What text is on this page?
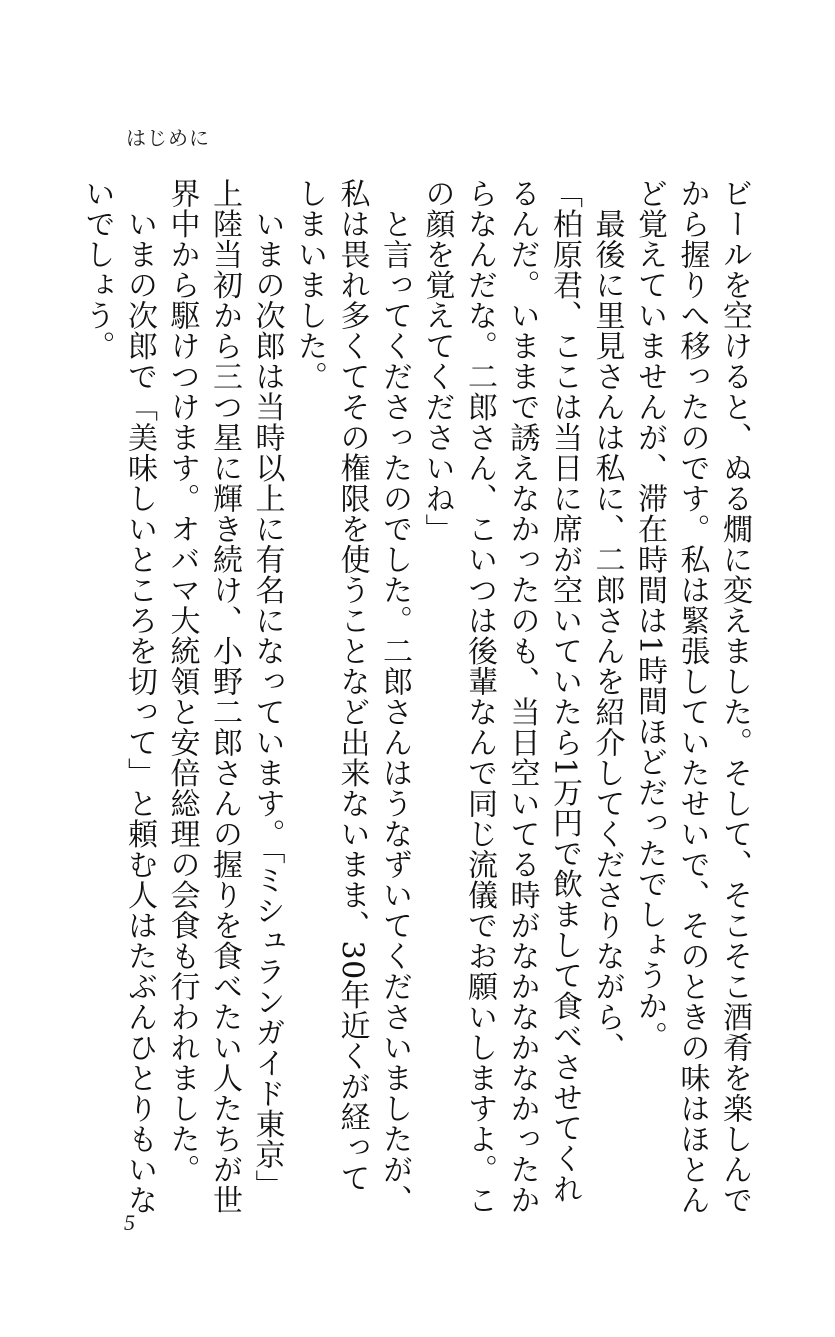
はじめに

ビールを空けると、ぬる燗に変えました。そして、そこそこ酒肴を楽しんでから握りへ移ったのです。私は緊張していたせいで、そのときの味はほとんど覚えていませんが、滞在時間は1時間ほどだったでしょうか。

　最後に里見さんは私に、二郎さんを紹介してくださりながら、

「柏原君、ここは当日に席が空いていたら1万円で飲まして食べさせてくれるんだ。いままで誘えなかったのも、当日空いてる時がなかなかなかったからなんだな。二郎さん、こいつは後輩なんで同じ流儀でお願いしますよ。この顔を覚えてくださいね」

　と言ってくださったのでした。二郎さんはうなずいてくださいましたが、私は畏れ多くてその権限を使うことなど出来ないまま、30年近くが経ってしまいました。

　いまの次郎は当時以上に有名になっています。「ミシュランガイド東京」上陸当初から三つ星に輝き続け、小野二郎さんの握りを食べたい人たちが世界中から駆けつけます。オバマ大統領と安倍総理の会食も行われました。

　いまの次郎で「美味しいところを切って」と頼む人はたぶんひとりもいないでしょう。

5
